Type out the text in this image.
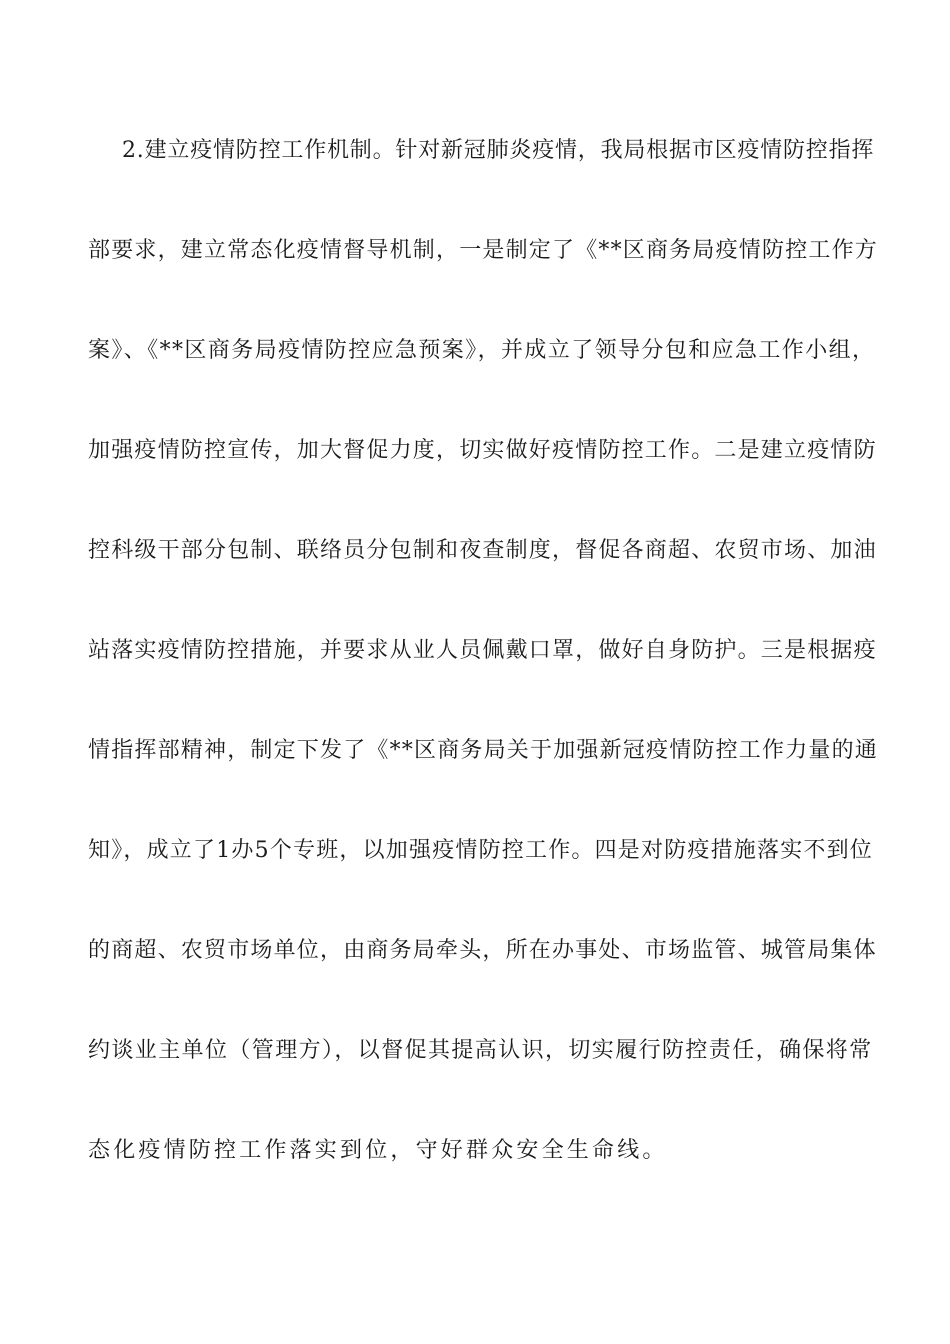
2.建立疫情防控工作机制。针对新冠肺炎疫情，我局根据市区疫情防控指挥
部要求，建立常态化疫情督导机制，一是制定了《**区商务局疫情防控工作方
案》、《**区商务局疫情防控应急预案》，并成立了领导分包和应急工作小组，
加强疫情防控宣传，加大督促力度，切实做好疫情防控工作。二是建立疫情防
控科级干部分包制、联络员分包制和夜查制度，督促各商超、农贸市场、加油
站落实疫情防控措施，并要求从业人员佩戴口罩，做好自身防护。三是根据疫
情指挥部精神，制定下发了《**区商务局关于加强新冠疫情防控工作力量的通
知》，成立了1办5个专班，以加强疫情防控工作。四是对防疫措施落实不到位
的商超、农贸市场单位，由商务局牵头，所在办事处、市场监管、城管局集体
约谈业主单位（管理方），以督促其提高认识，切实履行防控责任，确保将常
态化疫情防控工作落实到位，守好群众安全生命线。
